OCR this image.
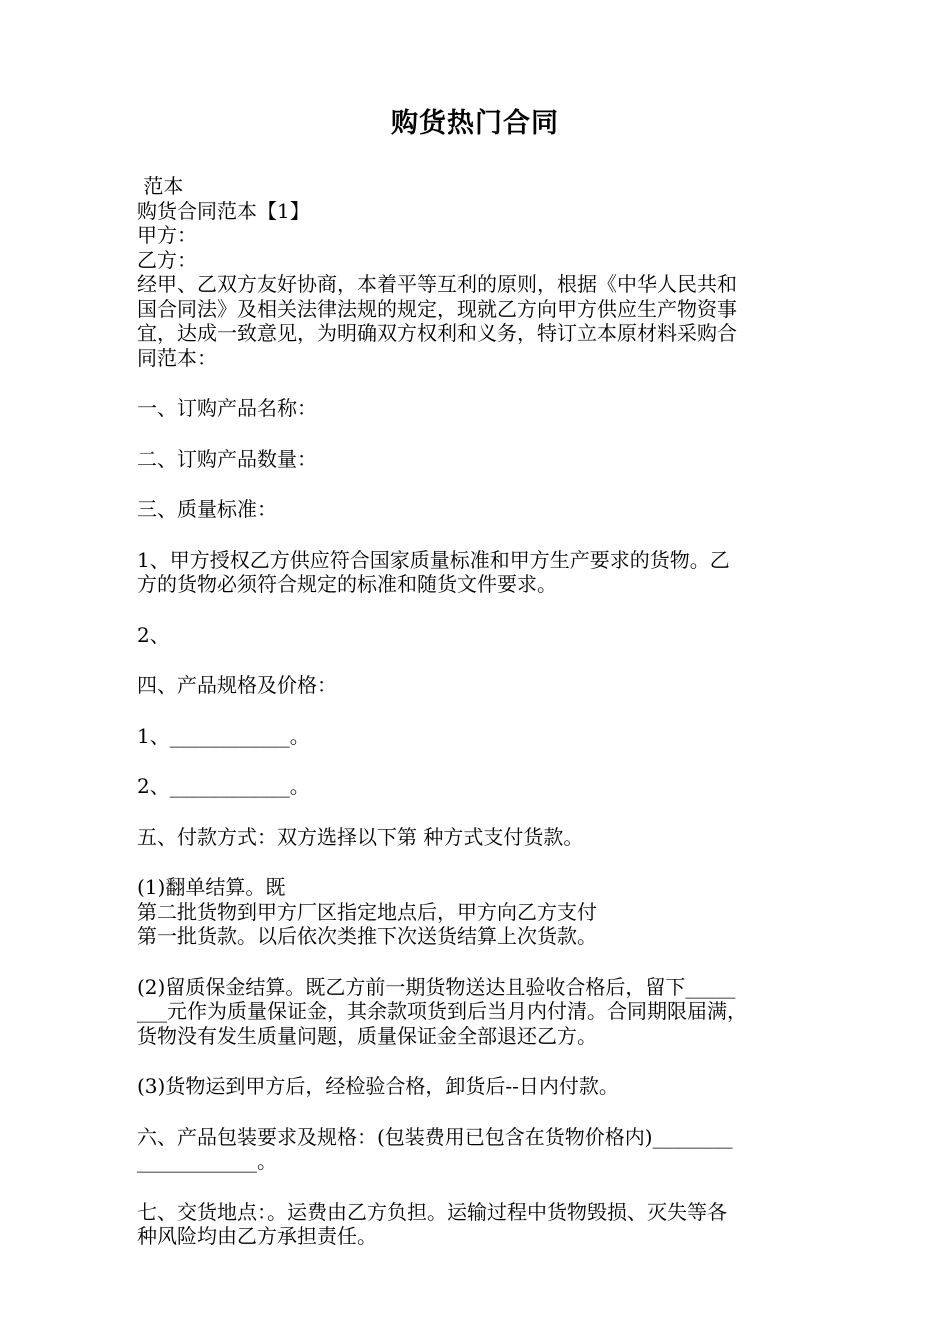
购货热门合同

范本

购货合同范本【1】

甲方：

乙方：

经甲、乙双方友好协商，本着平等互利的原则，根据《中华人民共和
国合同法》及相关法律法规的规定，现就乙方向甲方供应生产物资事
宜，达成一致意见，为明确双方权利和义务，特订立本原材料采购合
同范本：

一、订购产品名称：

二、订购产品数量：

三、质量标准：

1、甲方授权乙方供应符合国家质量标准和甲方生产要求的货物。乙
方的货物必须符合规定的标准和随货文件要求。

2、

四、产品规格及价格：

1、____________。

2、____________。

五、付款方式：双方选择以下第 种方式支付货款。

(1)翻单结算。既
第二批货物到甲方厂区指定地点后，甲方向乙方支付
第一批货款。以后依次类推下次送货结算上次货款。

(2)留质保金结算。既乙方前一期货物送达且验收合格后，留下_____
___元作为质量保证金，其余款项货到后当月内付清。合同期限届满，
货物没有发生质量问题，质量保证金全部退还乙方。

(3)货物运到甲方后，经检验合格，卸货后--日内付款。

六、产品包装要求及规格：(包装费用已包含在货物价格内)________
____________。

七、交货地点：。运费由乙方负担。运输过程中货物毁损、灭失等各
种风险均由乙方承担责任。
